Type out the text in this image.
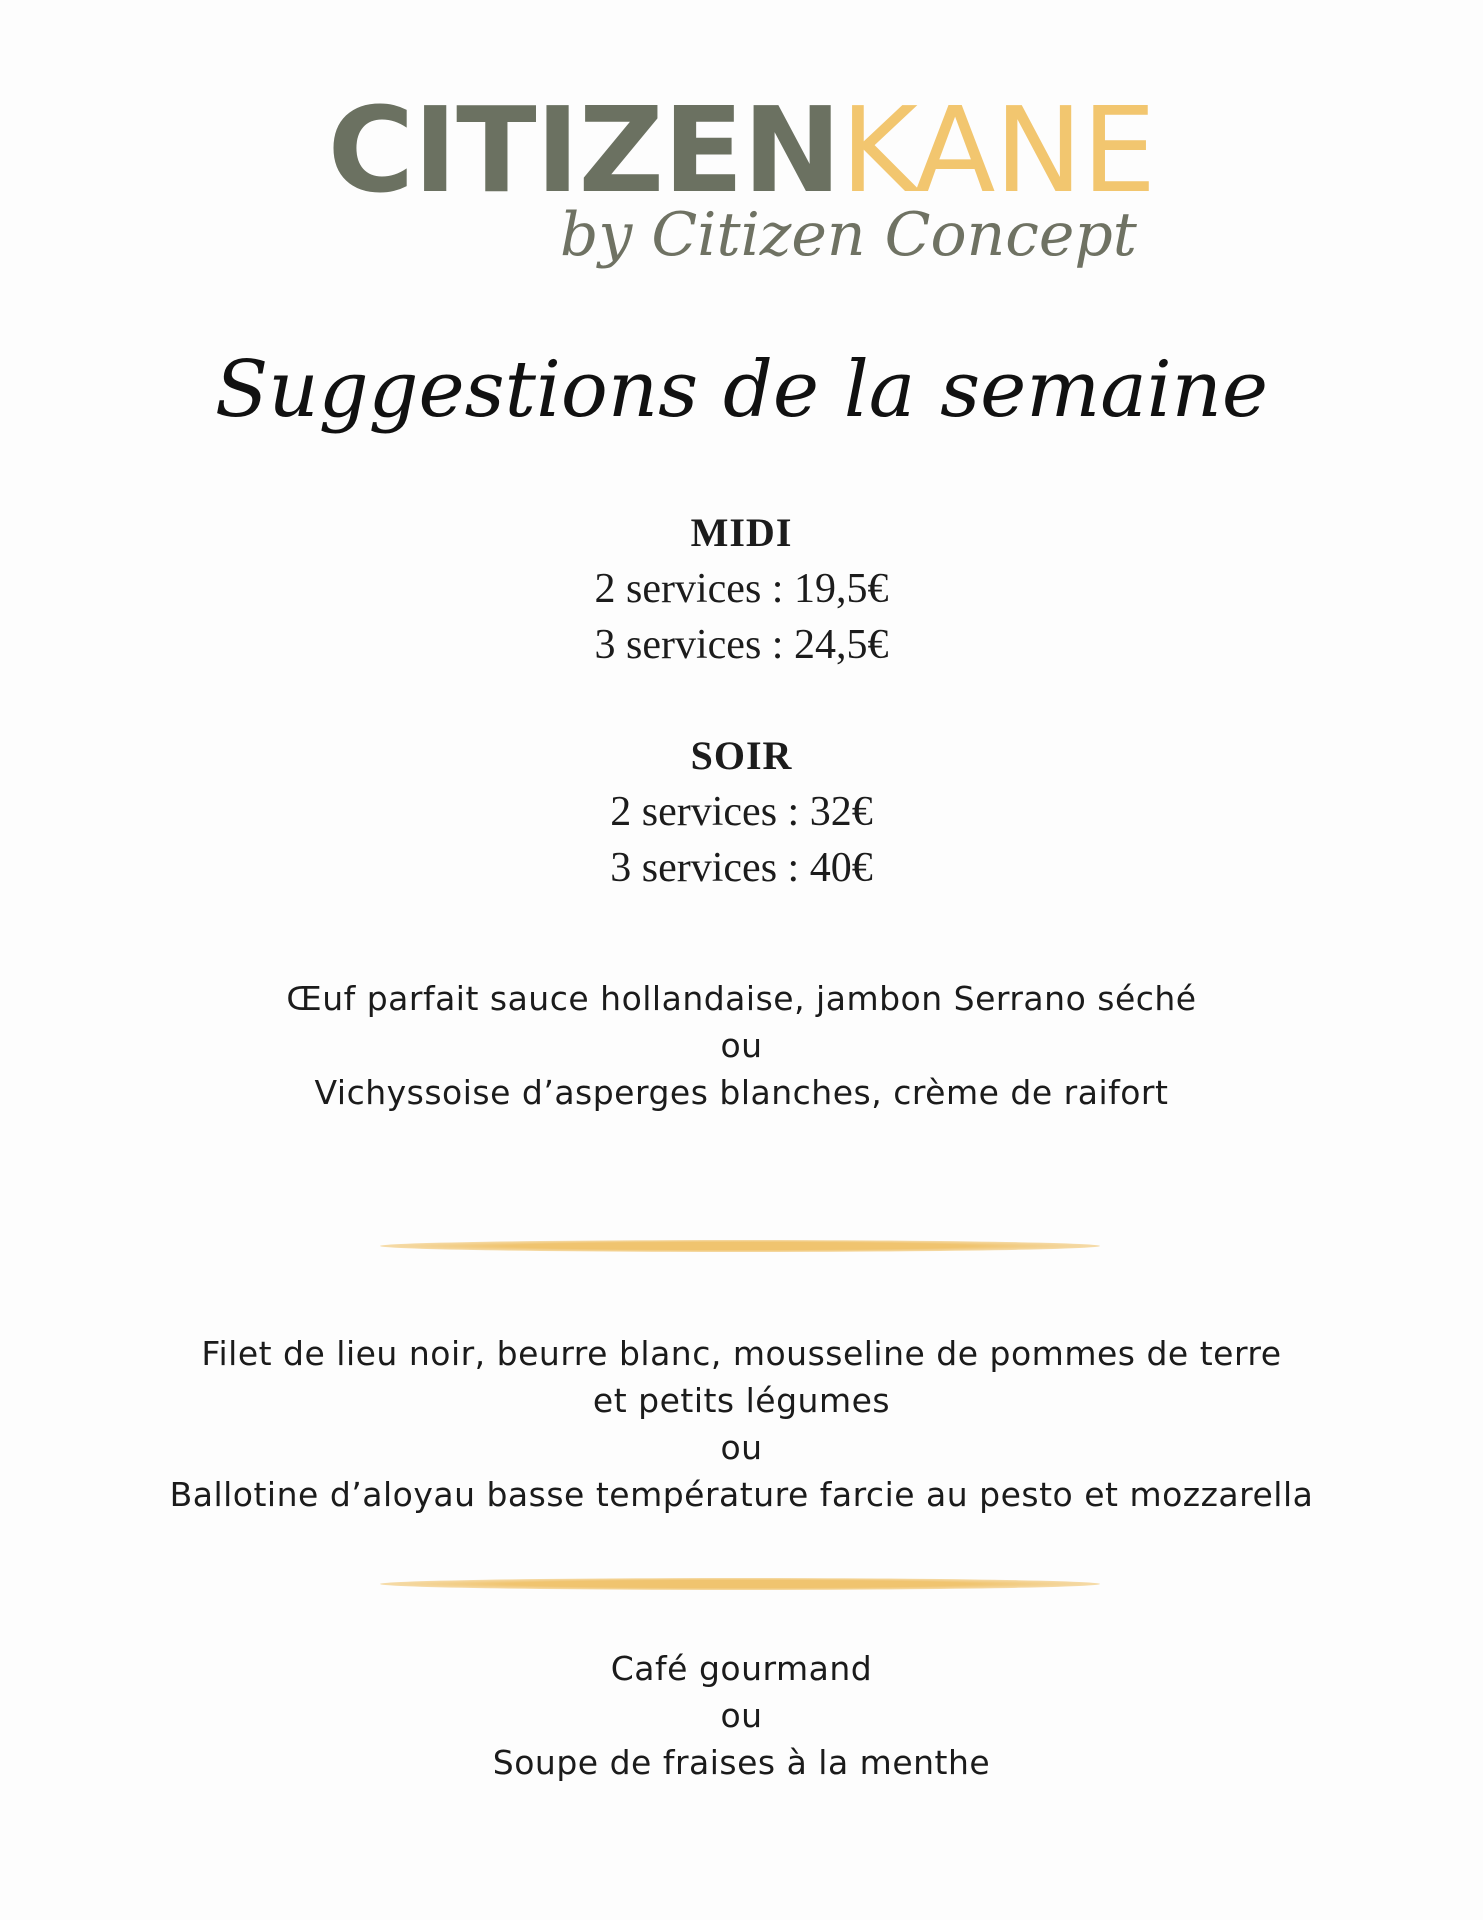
CITIZENKANE
by Citizen Concept
Suggestions de la semaine
MIDI
2 services : 19,5€
3 services : 24,5€
SOIR
2 services : 32€
3 services : 40€
Œuf parfait sauce hollandaise, jambon Serrano séché
ou
Vichyssoise d’asperges blanches, crème de raifort
Filet de lieu noir, beurre blanc, mousseline de pommes de terre
et petits légumes
ou
Ballotine d’aloyau basse température farcie au pesto et mozzarella
Café gourmand
ou
Soupe de fraises à la menthe
